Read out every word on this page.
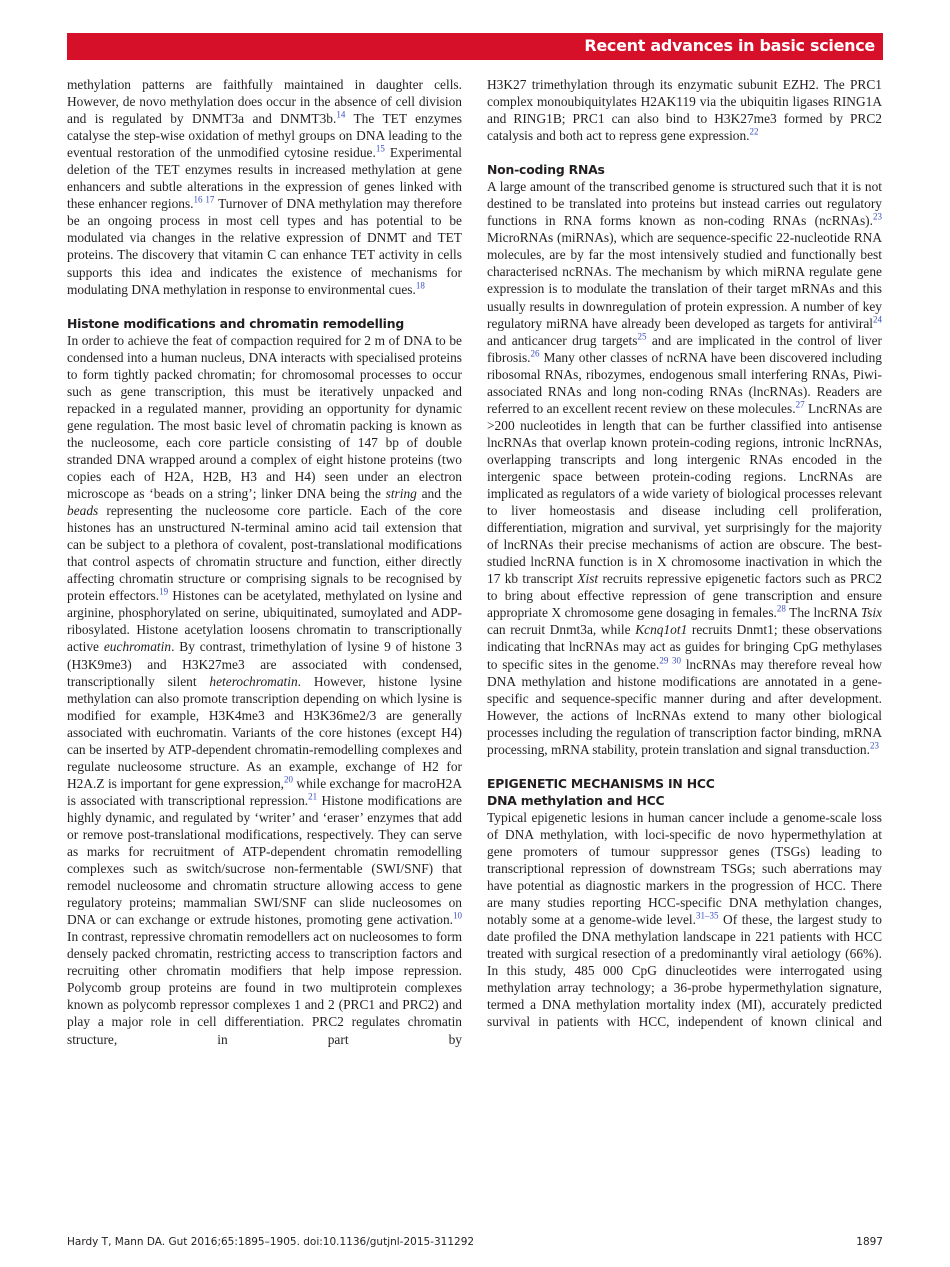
Recent advances in basic science

methylation patterns are faithfully maintained in daughter cells. However, de novo methylation does occur in the absence of cell division and is regulated by DNMT3a and DNMT3b.$^{14}$ The TET enzymes catalyse the step-wise oxidation of methyl groups on DNA leading to the eventual restoration of the unmodified cytosine residue.$^{15}$ Experimental deletion of the TET enzymes results in increased methylation at gene enhancers and subtle alterations in the expression of genes linked with these enhancer regions.$^{16 17}$ Turnover of DNA methylation may therefore be an ongoing process in most cell types and has potential to be modulated via changes in the relative expression of DNMT and TET proteins. The discovery that vitamin C can enhance TET activity in cells supports this idea and indicates the existence of mechanisms for modulating DNA methylation in response to environmental cues.$^{18}$

Histone modifications and chromatin remodelling

In order to achieve the feat of compaction required for 2 m of DNA to be condensed into a human nucleus, DNA interacts with specialised proteins to form tightly packed chromatin; for chromosomal processes to occur such as gene transcription, this must be iteratively unpacked and repacked in a regulated manner, providing an opportunity for dynamic gene regulation. The most basic level of chromatin packing is known as the nucleosome, each core particle consisting of 147 bp of double stranded DNA wrapped around a complex of eight histone proteins (two copies each of H2A, H2B, H3 and H4) seen under an electron microscope as ‘beads on a string’; linker DNA being the string and the beads representing the nucleosome core particle. Each of the core histones has an unstructured N-terminal amino acid tail extension that can be subject to a plethora of covalent, post-translational modifications that control aspects of chromatin structure and function, either directly affecting chromatin structure or comprising signals to be recognised by protein effectors.$^{19}$ Histones can be acetylated, methylated on lysine and arginine, phosphorylated on serine, ubiquitinated, sumoylated and ADP-ribosylated. Histone acetylation loosens chromatin to transcriptionally active euchromatin. By contrast, trimethylation of lysine 9 of histone 3 (H3K9me3) and H3K27me3 are associated with condensed, transcriptionally silent heterochromatin. However, histone lysine methylation can also promote transcription depending on which lysine is modified for example, H3K4me3 and H3K36me2/3 are generally associated with euchromatin. Variants of the core histones (except H4) can be inserted by ATP-dependent chromatin-remodelling complexes and regulate nucleosome structure. As an example, exchange of H2 for H2A.Z is important for gene expression,$^{20}$ while exchange for macroH2A is associated with transcriptional repression.$^{21}$ Histone modifications are highly dynamic, and regulated by ‘writer’ and ‘eraser’ enzymes that add or remove post-translational modifications, respectively. They can serve as marks for recruitment of ATP-dependent chromatin remodelling complexes such as switch/sucrose non-fermentable (SWI/SNF) that remodel nucleosome and chromatin structure allowing access to gene regulatory proteins; mammalian SWI/SNF can slide nucleosomes on DNA or can exchange or extrude histones, promoting gene activation.$^{10}$ In contrast, repressive chromatin remodellers act on nucleosomes to form densely packed chromatin, restricting access to transcription factors and recruiting other chromatin modifiers that help impose repression. Polycomb group proteins are found in two multiprotein complexes known as polycomb repressor complexes 1 and 2 (PRC1 and PRC2) and play a major role in cell differentiation. PRC2 regulates chromatin structure, in part by

H3K27 trimethylation through its enzymatic subunit EZH2. The PRC1 complex monoubiquitylates H2AK119 via the ubiquitin ligases RING1A and RING1B; PRC1 can also bind to H3K27me3 formed by PRC2 catalysis and both act to repress gene expression.$^{22}$

Non-coding RNAs

A large amount of the transcribed genome is structured such that it is not destined to be translated into proteins but instead carries out regulatory functions in RNA forms known as non-coding RNAs (ncRNAs).$^{23}$ MicroRNAs (miRNAs), which are sequence-specific 22-nucleotide RNA molecules, are by far the most intensively studied and functionally best characterised ncRNAs. The mechanism by which miRNA regulate gene expression is to modulate the translation of their target mRNAs and this usually results in downregulation of protein expression. A number of key regulatory miRNA have already been developed as targets for antiviral$^{24}$ and anticancer drug targets$^{25}$ and are implicated in the control of liver fibrosis.$^{26}$ Many other classes of ncRNA have been discovered including ribosomal RNAs, ribozymes, endogenous small interfering RNAs, Piwi-associated RNAs and long non-coding RNAs (lncRNAs). Readers are referred to an excellent recent review on these molecules.$^{27}$ LncRNAs are >200 nucleotides in length that can be further classified into antisense lncRNAs that overlap known protein-coding regions, intronic lncRNAs, overlapping transcripts and long intergenic RNAs encoded in the intergenic space between protein-coding regions. LncRNAs are implicated as regulators of a wide variety of biological processes relevant to liver homeostasis and disease including cell proliferation, differentiation, migration and survival, yet surprisingly for the majority of lncRNAs their precise mechanisms of action are obscure. The best-studied lncRNA function is in X chromosome inactivation in which the 17 kb transcript Xist recruits repressive epigenetic factors such as PRC2 to bring about effective repression of gene transcription and ensure appropriate X chromosome gene dosaging in females.$^{28}$ The lncRNA Tsix can recruit Dnmt3a, while Kcnq1ot1 recruits Dnmt1; these observations indicating that lncRNAs may act as guides for bringing CpG methylases to specific sites in the genome.$^{29 30}$ lncRNAs may therefore reveal how DNA methylation and histone modifications are annotated in a gene-specific and sequence-specific manner during and after development. However, the actions of lncRNAs extend to many other biological processes including the regulation of transcription factor binding, mRNA processing, mRNA stability, protein translation and signal transduction.$^{23}$

EPIGENETIC MECHANISMS IN HCC
DNA methylation and HCC

Typical epigenetic lesions in human cancer include a genome-scale loss of DNA methylation, with loci-specific de novo hypermethylation at gene promoters of tumour suppressor genes (TSGs) leading to transcriptional repression of downstream TSGs; such aberrations may have potential as diagnostic markers in the progression of HCC. There are many studies reporting HCC-specific DNA methylation changes, notably some at a genome-wide level.$^{31-35}$ Of these, the largest study to date profiled the DNA methylation landscape in 221 patients with HCC treated with surgical resection of a predominantly viral aetiology (66%). In this study, 485 000 CpG dinucleotides were interrogated using methylation array technology; a 36-probe hypermethylation signature, termed a DNA methylation mortality index (MI), accurately predicted survival in patients with HCC, independent of known clinical and

Hardy T, Mann DA. Gut 2016;65:1895–1905. doi:10.1136/gutjnl-2015-311292	1897
